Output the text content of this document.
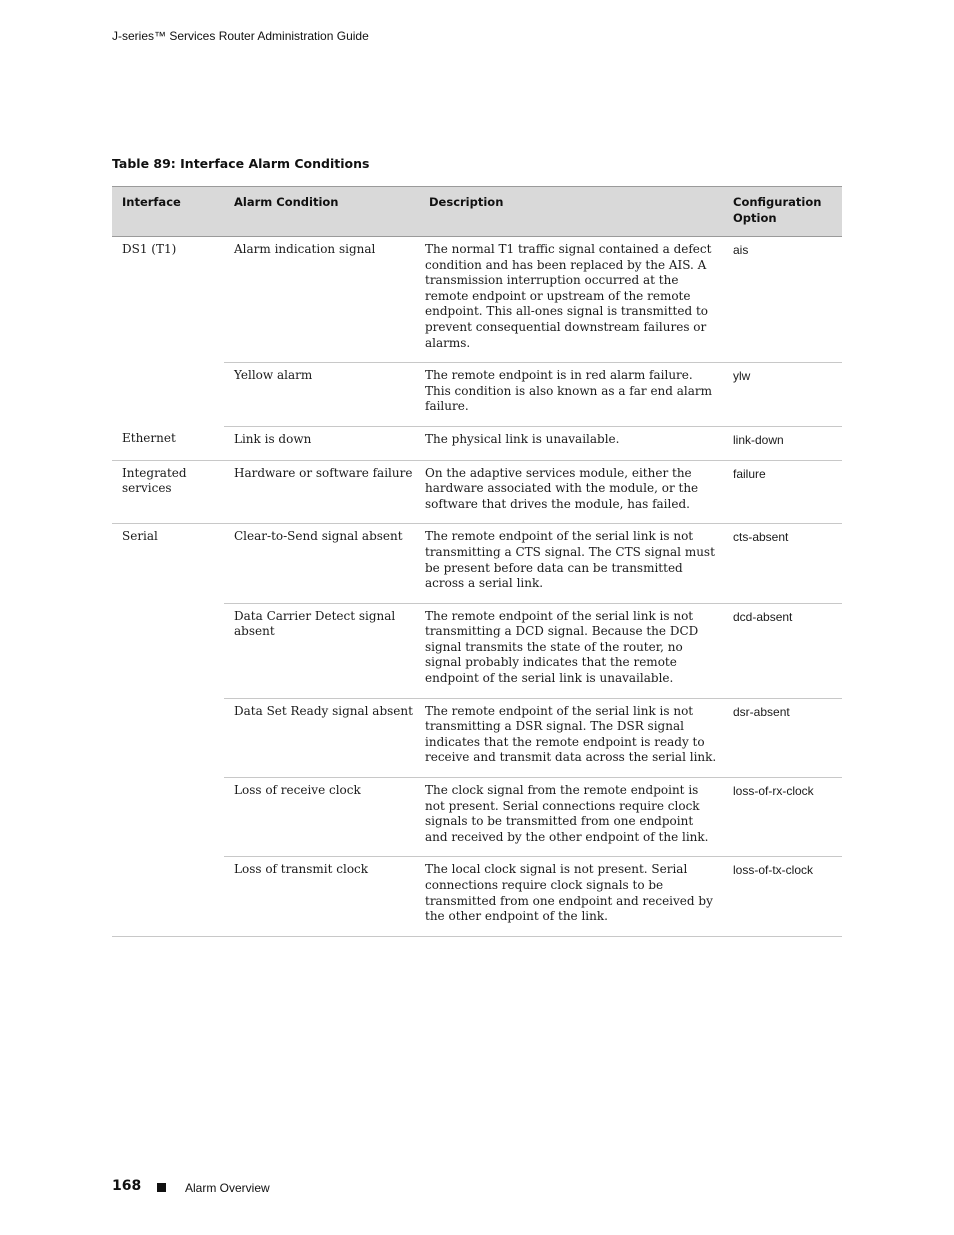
J-series™ Services Router Administration Guide
Table 89: Interface Alarm Conditions
Interface	Alarm Condition	Description	Configuration Option
DS1 (T1)	Alarm indication signal	The normal T1 traffic signal contained a defect condition and has been replaced by the AIS. A transmission interruption occurred at the remote endpoint or upstream of the remote endpoint. This all-ones signal is transmitted to prevent consequential downstream failures or alarms.	ais
	Yellow alarm	The remote endpoint is in red alarm failure. This condition is also known as a far end alarm failure.	ylw
Ethernet	Link is down	The physical link is unavailable.	link-down
Integrated services	Hardware or software failure	On the adaptive services module, either the hardware associated with the module, or the software that drives the module, has failed.	failure
Serial	Clear-to-Send signal absent	The remote endpoint of the serial link is not transmitting a CTS signal. The CTS signal must be present before data can be transmitted across a serial link.	cts-absent
	Data Carrier Detect signal absent	The remote endpoint of the serial link is not transmitting a DCD signal. Because the DCD signal transmits the state of the router, no signal probably indicates that the remote endpoint of the serial link is unavailable.	dcd-absent
	Data Set Ready signal absent	The remote endpoint of the serial link is not transmitting a DSR signal. The DSR signal indicates that the remote endpoint is ready to receive and transmit data across the serial link.	dsr-absent
	Loss of receive clock	The clock signal from the remote endpoint is not present. Serial connections require clock signals to be transmitted from one endpoint and received by the other endpoint of the link.	loss-of-rx-clock
	Loss of transmit clock	The local clock signal is not present. Serial connections require clock signals to be transmitted from one endpoint and received by the other endpoint of the link.	loss-of-tx-clock
168	Alarm Overview
